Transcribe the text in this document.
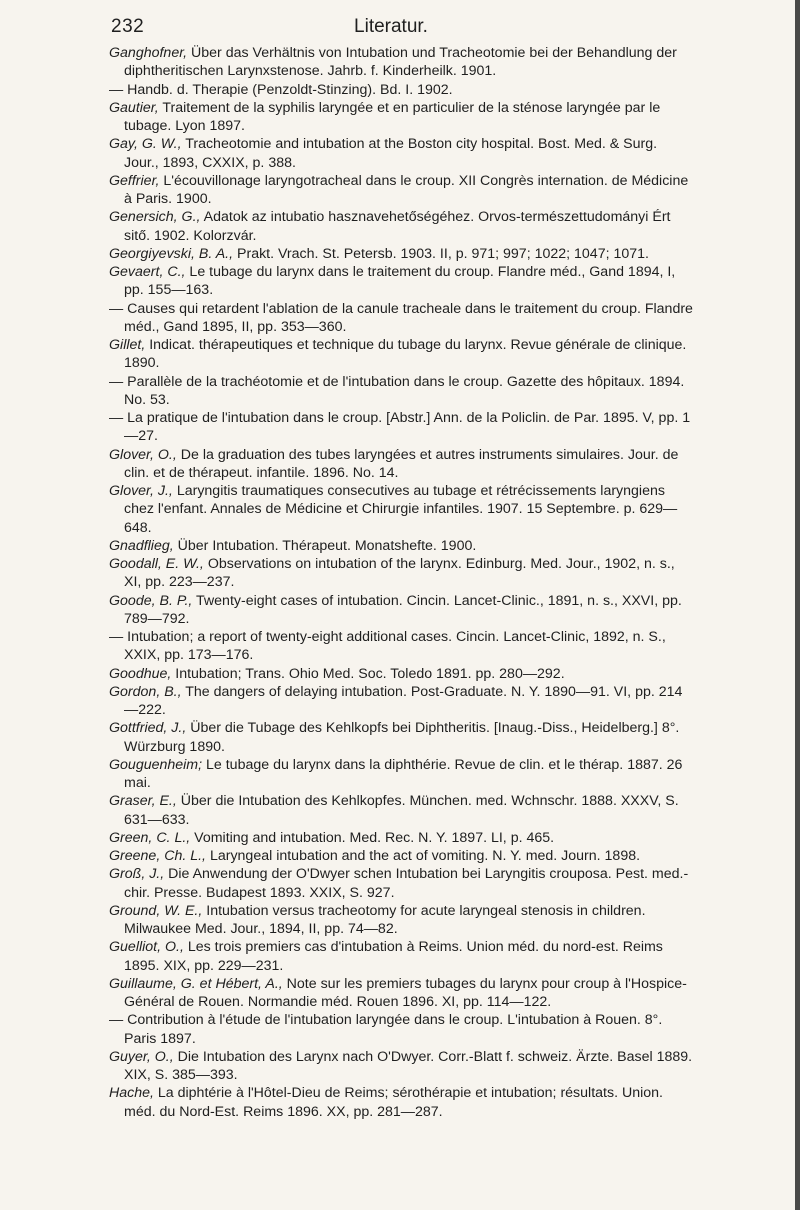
232	Literatur.

Ganghofner, Über das Verhältnis von Intubation und Tracheotomie bei der Behandlung der diphtheritischen Larynxstenose. Jahrb. f. Kinderheilk. 1901.

— Handb. d. Therapie (Penzoldt-Stinzing). Bd. I. 1902.

Gautier, Traitement de la syphilis laryngée et en particulier de la sténose laryngée par le tubage. Lyon 1897.

Gay, G. W., Tracheotomie and intubation at the Boston city hospital. Bost. Med. & Surg. Jour., 1893, CXXIX, p. 388.

Geffrier, L'écouvillonage laryngotracheal dans le croup. XII Congrès internation. de Médicine à Paris. 1900.

Genersich, G., Adatok az intubatio hasznavehetőségéhez. Orvos-természettudományi Ért sitő. 1902. Kolorzvár.

Georgiyevski, B. A., Prakt. Vrach. St. Petersb. 1903. II, p. 971; 997; 1022; 1047; 1071.

Gevaert, C., Le tubage du larynx dans le traitement du croup. Flandre méd., Gand 1894, I, pp. 155—163.

— Causes qui retardent l'ablation de la canule tracheale dans le traitement du croup. Flandre méd., Gand 1895, II, pp. 353—360.

Gillet, Indicat. thérapeutiques et technique du tubage du larynx. Revue générale de clinique. 1890.

— Parallèle de la trachéotomie et de l'intubation dans le croup. Gazette des hôpitaux. 1894. No. 53.

— La pratique de l'intubation dans le croup. [Abstr.] Ann. de la Policlin. de Par. 1895. V, pp. 1—27.

Glover, O., De la graduation des tubes laryngées et autres instruments simulaires. Jour. de clin. et de thérapeut. infantile. 1896. No. 14.

Glover, J., Laryngitis traumatiques consecutives au tubage et rétrécissements laryngiens chez l'enfant. Annales de Médicine et Chirurgie infantiles. 1907. 15 Septembre. p. 629—648.

Gnadflieg, Über Intubation. Thérapeut. Monatshefte. 1900.

Goodall, E. W., Observations on intubation of the larynx. Edinburg. Med. Jour., 1902, n. s., XI, pp. 223—237.

Goode, B. P., Twenty-eight cases of intubation. Cincin. Lancet-Clinic., 1891, n. s., XXVI, pp. 789—792.

— Intubation; a report of twenty-eight additional cases. Cincin. Lancet-Clinic, 1892, n. S., XXIX, pp. 173—176.

Goodhue, Intubation; Trans. Ohio Med. Soc. Toledo 1891. pp. 280—292.

Gordon, B., The dangers of delaying intubation. Post-Graduate. N. Y. 1890—91. VI, pp. 214—222.

Gottfried, J., Über die Tubage des Kehlkopfs bei Diphtheritis. [Inaug.-Diss., Heidelberg.] 8°. Würzburg 1890.

Gouguenheim; Le tubage du larynx dans la diphthérie. Revue de clin. et le thérap. 1887. 26 mai.

Graser, E., Über die Intubation des Kehlkopfes. München. med. Wchnschr. 1888. XXXV, S. 631—633.

Green, C. L., Vomiting and intubation. Med. Rec. N. Y. 1897. LI, p. 465.

Greene, Ch. L., Laryngeal intubation and the act of vomiting. N. Y. med. Journ. 1898.

Groß, J., Die Anwendung der O'Dwyer schen Intubation bei Laryngitis crouposa. Pest. med.-chir. Presse. Budapest 1893. XXIX, S. 927.

Ground, W. E., Intubation versus tracheotomy for acute laryngeal stenosis in children. Milwaukee Med. Jour., 1894, II, pp. 74—82.

Guelliot, O., Les trois premiers cas d'intubation à Reims. Union méd. du nord-est. Reims 1895. XIX, pp. 229—231.

Guillaume, G. et Hébert, A., Note sur les premiers tubages du larynx pour croup à l'Hospice-Général de Rouen. Normandie méd. Rouen 1896. XI, pp. 114—122.

— Contribution à l'étude de l'intubation laryngée dans le croup. L'intubation à Rouen. 8°. Paris 1897.

Guyer, O., Die Intubation des Larynx nach O'Dwyer. Corr.-Blatt f. schweiz. Ärzte. Basel 1889. XIX, S. 385—393.

Hache, La diphtérie à l'Hôtel-Dieu de Reims; sérothérapie et intubation; résultats. Union. méd. du Nord-Est. Reims 1896. XX, pp. 281—287.
